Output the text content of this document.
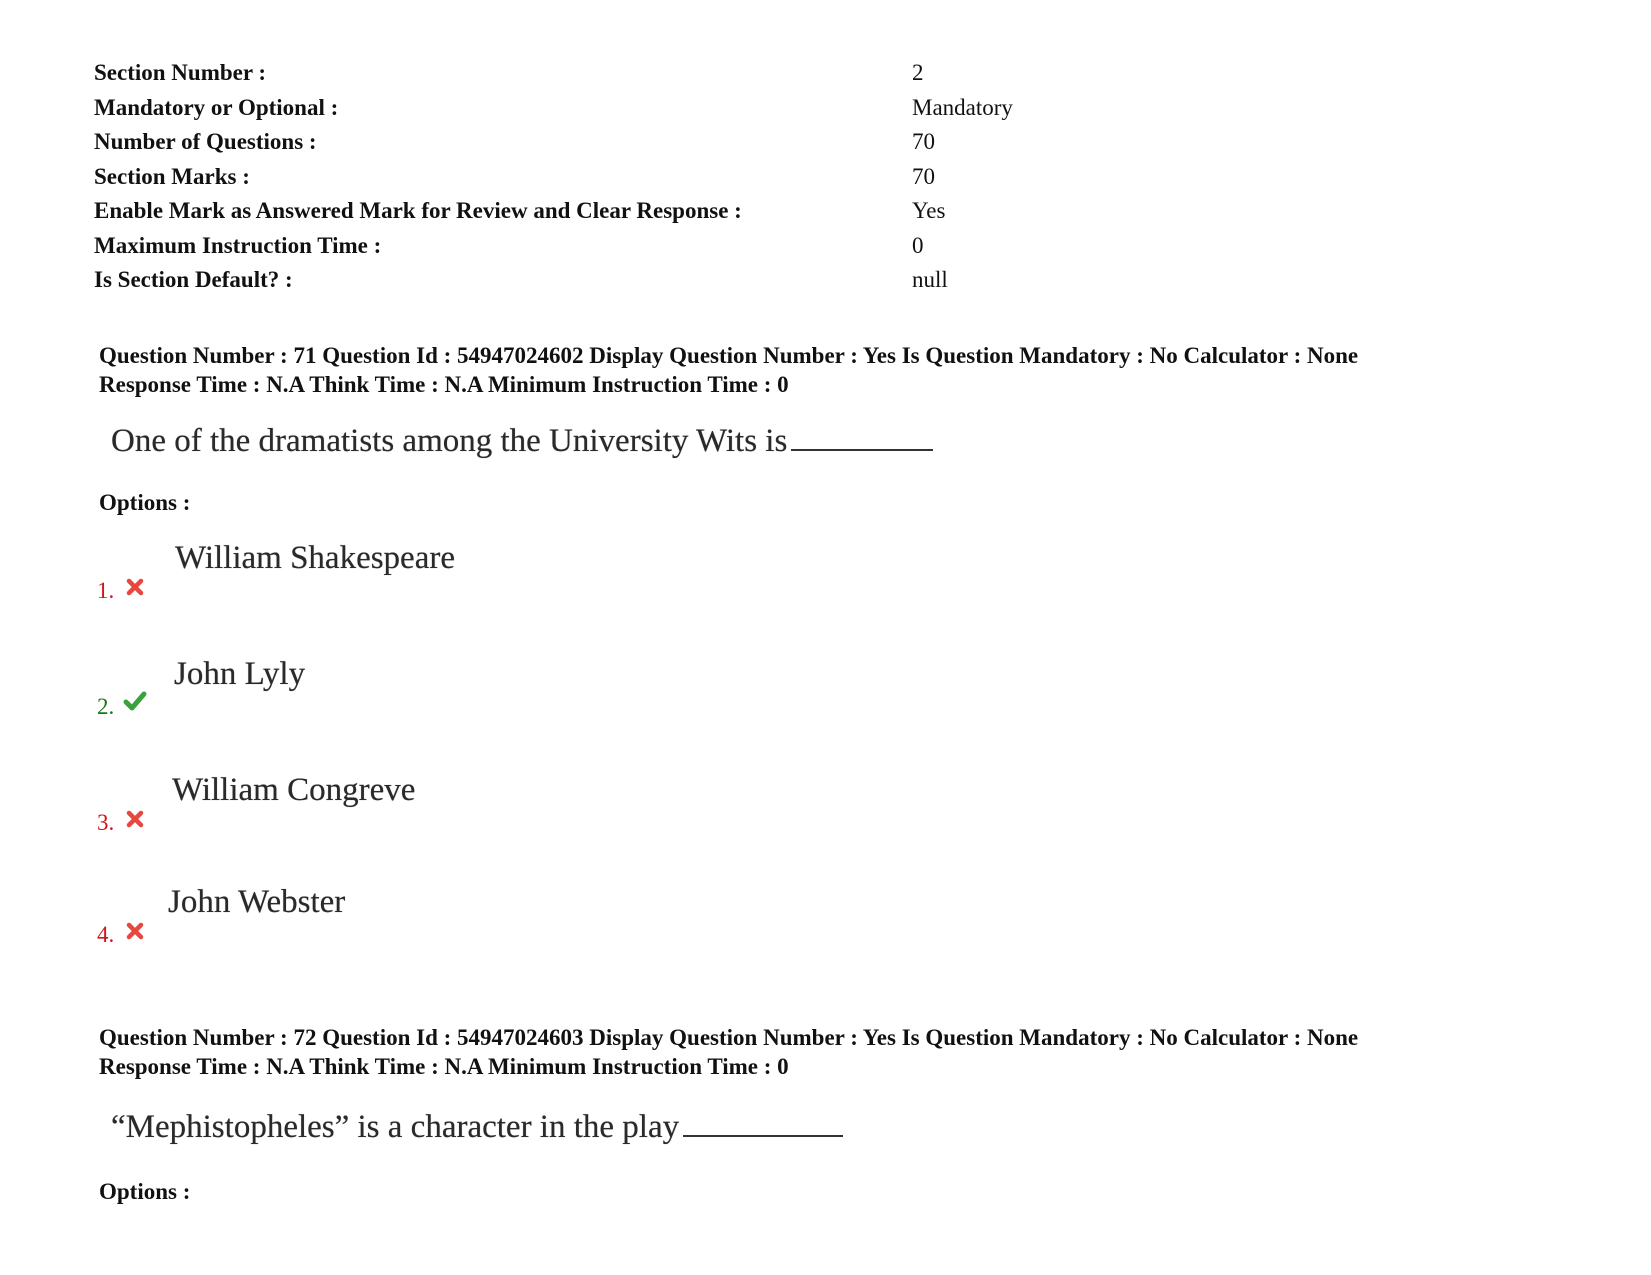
Section Number :	2
Mandatory or Optional :	Mandatory
Number of Questions :	70
Section Marks :	70
Enable Mark as Answered Mark for Review and Clear Response :	Yes
Maximum Instruction Time :	0
Is Section Default? :	null
Question Number : 71 Question Id : 54947024602 Display Question Number : Yes Is Question Mandatory : No Calculator : None
Response Time : N.A Think Time : N.A Minimum Instruction Time : 0
One of the dramatists among the University Wits is
Options :
1.
William Shakespeare
2.
John Lyly
3.
William Congreve
4.
John Webster
Question Number : 72 Question Id : 54947024603 Display Question Number : Yes Is Question Mandatory : No Calculator : None
Response Time : N.A Think Time : N.A Minimum Instruction Time : 0
“Mephistopheles” is a character in the play
Options :
